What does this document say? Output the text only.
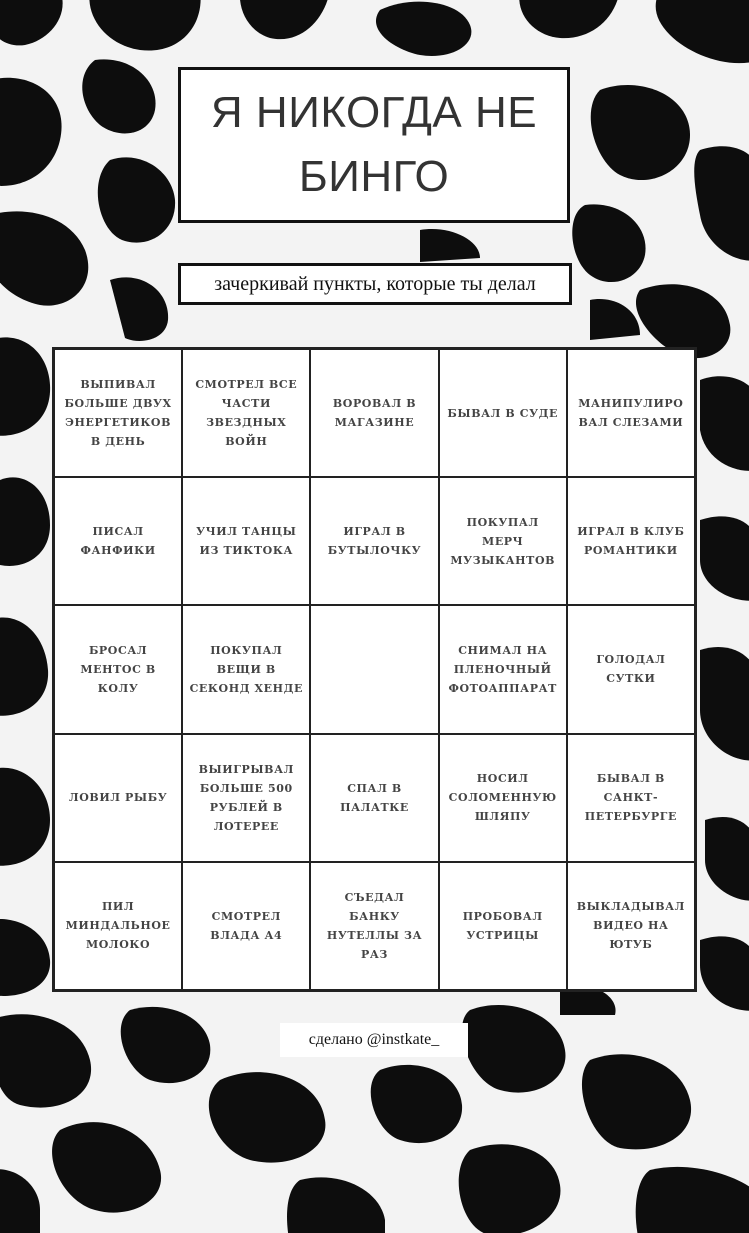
Я НИКОГДА НЕ
БИНГО
зачеркивай пункты, которые ты делал
ВЫПИВАЛ БОЛЬШЕ ДВУХ ЭНЕРГЕТИКОВ В ДЕНЬ
СМОТРЕЛ ВСЕ ЧАСТИ ЗВЕЗДНЫХ ВОЙН
ВОРОВАЛ В МАГАЗИНЕ
БЫВАЛ В СУДЕ
МАНИПУЛИРО ВАЛ СЛЕЗАМИ
ПИСАЛ ФАНФИКИ
УЧИЛ ТАНЦЫ ИЗ ТИКТОКА
ИГРАЛ В БУТЫЛОЧКУ
ПОКУПАЛ МЕРЧ МУЗЫКАНТОВ
ИГРАЛ В КЛУБ РОМАНТИКИ
БРОСАЛ МЕНТОС В КОЛУ
ПОКУПАЛ ВЕЩИ В СЕКОНД ХЕНДЕ
СНИМАЛ НА ПЛЕНОЧНЫЙ ФОТОАППАРАТ
ГОЛОДАЛ СУТКИ
ЛОВИЛ РЫБУ
ВЫИГРЫВАЛ БОЛЬШЕ 500 РУБЛЕЙ В ЛОТЕРЕЕ
СПАЛ В ПАЛАТКЕ
НОСИЛ СОЛОМЕННУЮ ШЛЯПУ
БЫВАЛ В САНКТ-ПЕТЕРБУРГЕ
ПИЛ МИНДАЛЬНОЕ МОЛОКО
СМОТРЕЛ ВЛАДА А4
СЪЕДАЛ БАНКУ НУТЕЛЛЫ ЗА РАЗ
ПРОБОВАЛ УСТРИЦЫ
ВЫКЛАДЫВАЛ ВИДЕО НА ЮТУБ
сделано @instkate_
